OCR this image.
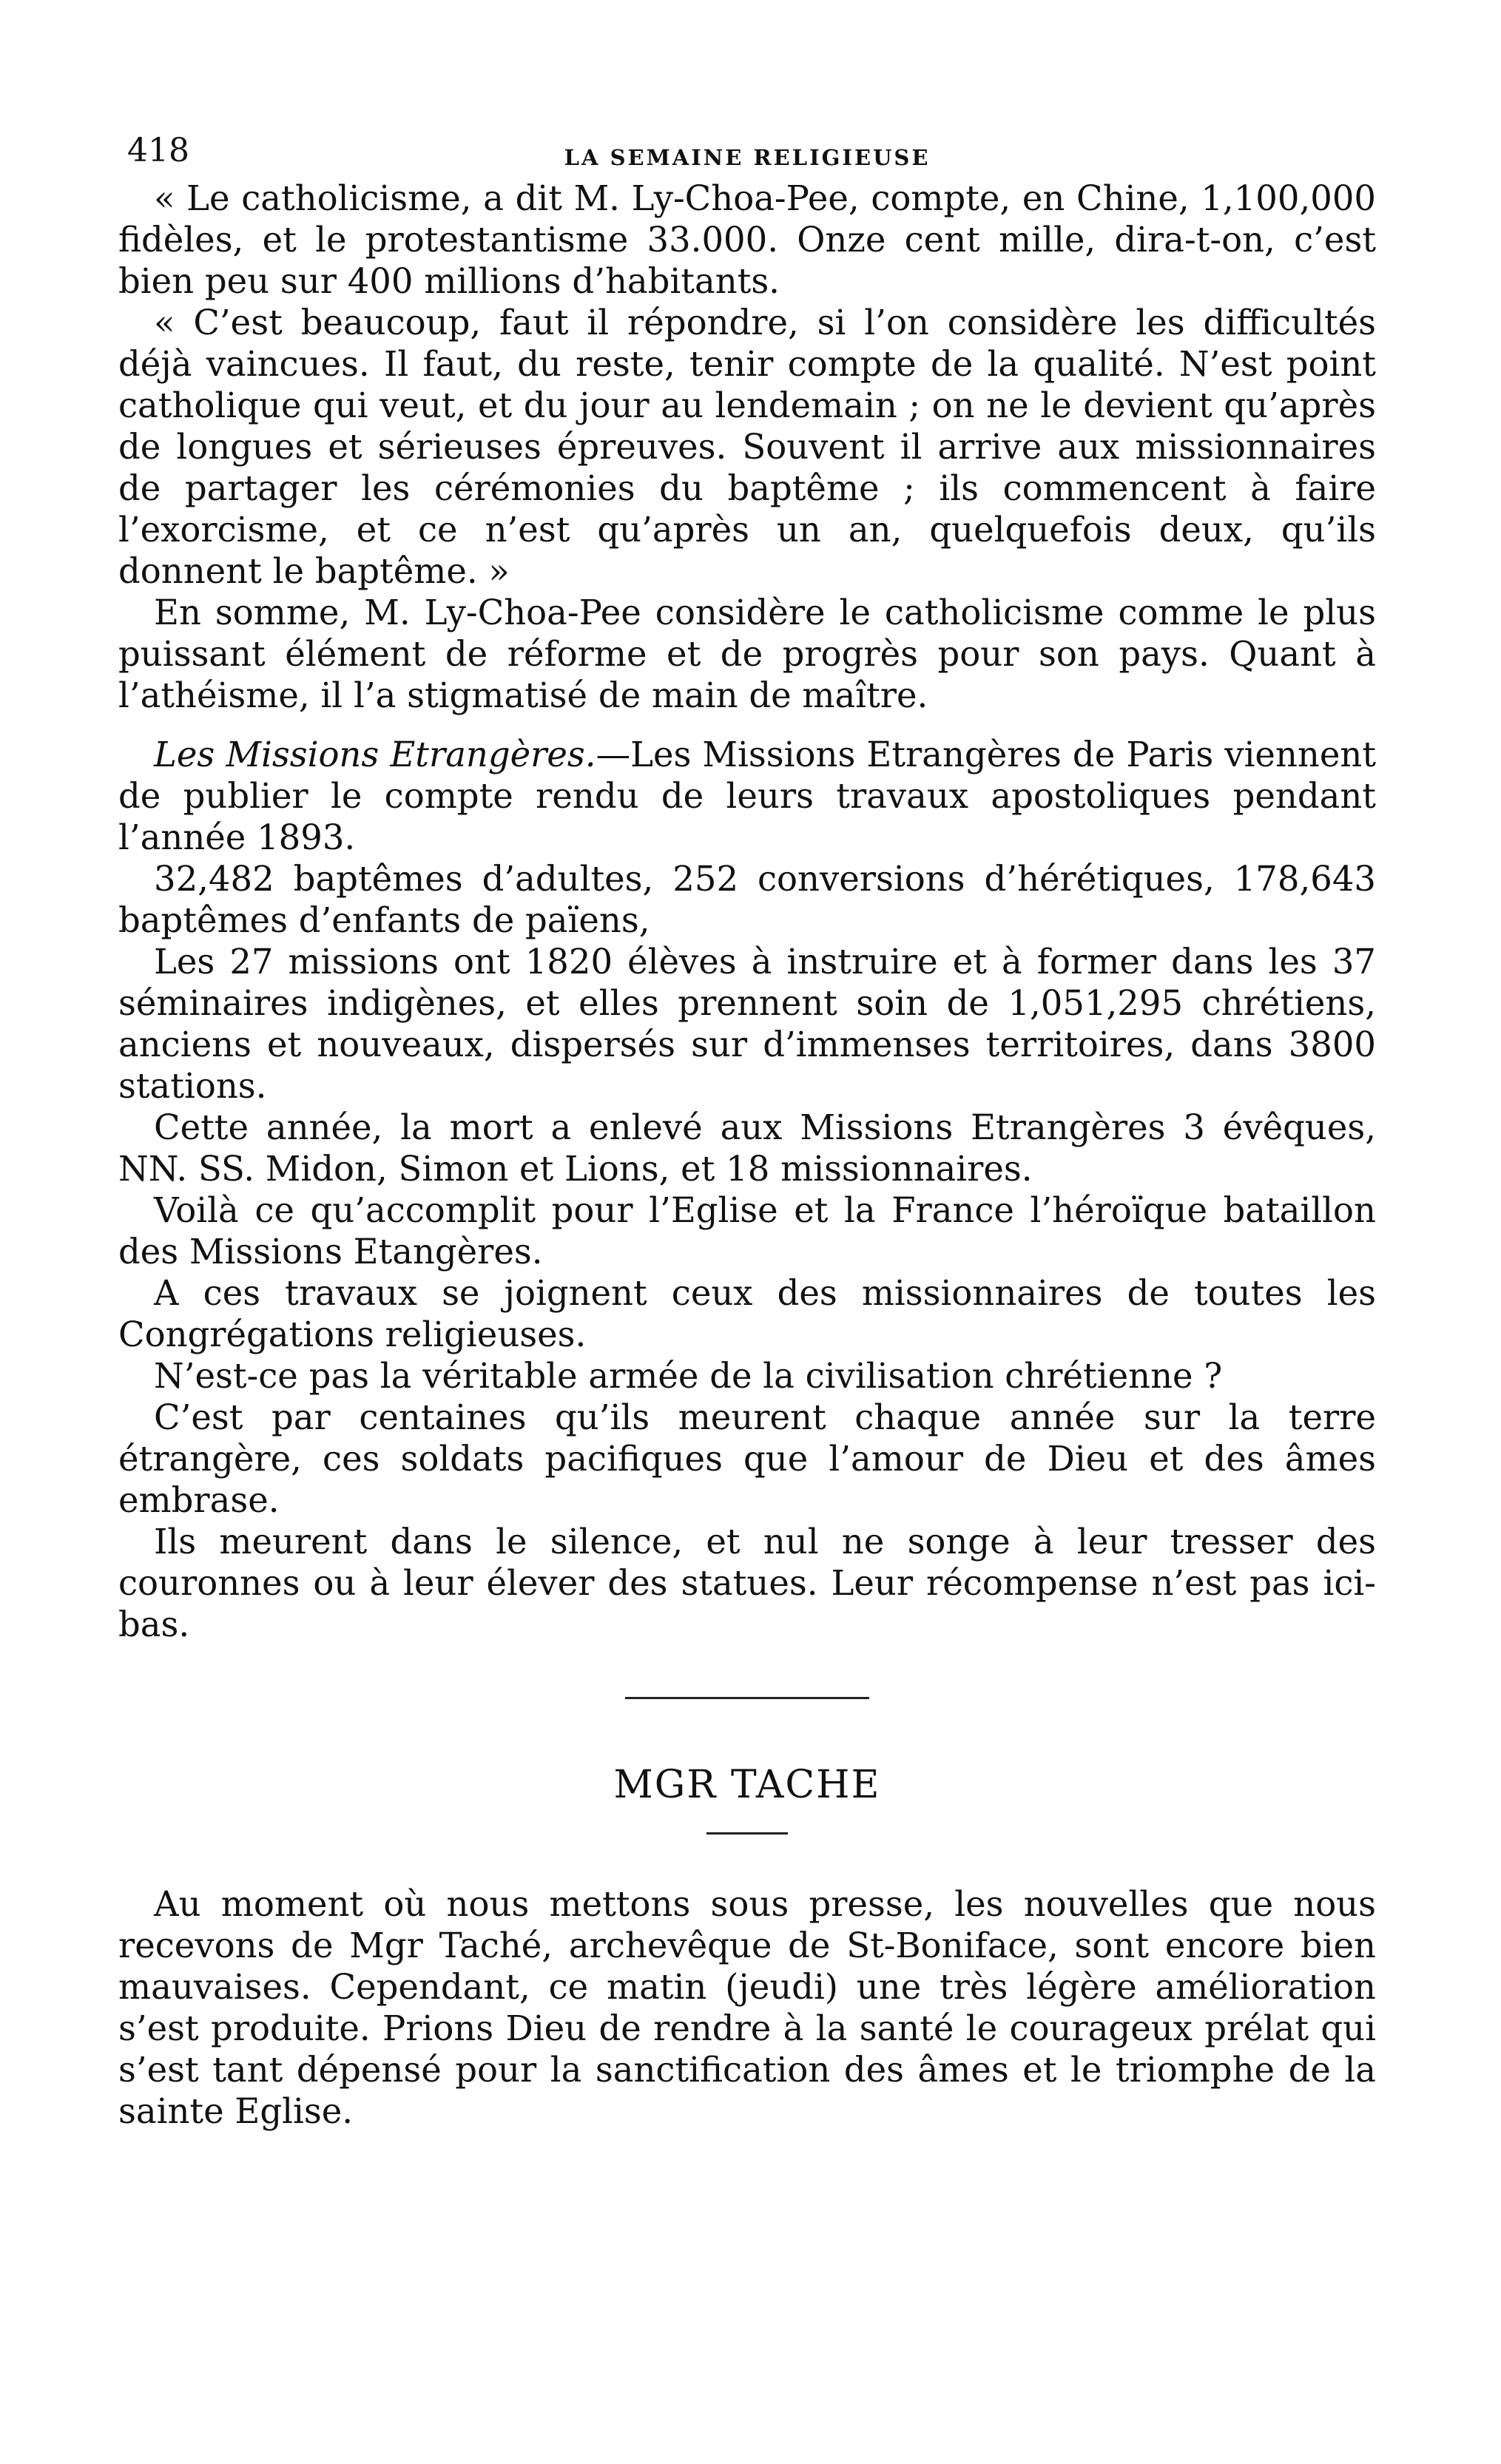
418	LA SEMAINE RELIGIEUSE

« Le catholicisme, a dit M. Ly-Choa-Pee, compte, en Chine, 1,100,000 fidèles, et le protestantisme 33.000. Onze cent mille, dira-t-on, c’est bien peu sur 400 millions d’habitants.

« C’est beaucoup, faut il répondre, si l’on considère les difficultés déjà vaincues. Il faut, du reste, tenir compte de la qualité. N’est point catholique qui veut, et du jour au lendemain ; on ne le devient qu’après de longues et sérieuses épreuves. Souvent il arrive aux missionnaires de partager les cérémonies du baptême ; ils commencent à faire l’exorcisme, et ce n’est qu’après un an, quelquefois deux, qu’ils donnent le baptême. »

En somme, M. Ly-Choa-Pee considère le catholicisme comme le plus puissant élément de réforme et de progrès pour son pays. Quant à l’athéisme, il l’a stigmatisé de main de maître.

Les Missions Etrangères.—Les Missions Etrangères de Paris viennent de publier le compte rendu de leurs travaux apostoliques pendant l’année 1893.

32,482 baptêmes d’adultes, 252 conversions d’hérétiques, 178,643 baptêmes d’enfants de païens,

Les 27 missions ont 1820 élèves à instruire et à former dans les 37 séminaires indigènes, et elles prennent soin de 1,051,295 chrétiens, anciens et nouveaux, dispersés sur d’immenses territoires, dans 3800 stations.

Cette année, la mort a enlevé aux Missions Etrangères 3 évêques, NN. SS. Midon, Simon et Lions, et 18 missionnaires.

Voilà ce qu’accomplit pour l’Eglise et la France l’héroïque bataillon des Missions Etangères.

A ces travaux se joignent ceux des missionnaires de toutes les Congrégations religieuses.

N’est-ce pas la véritable armée de la civilisation chrétienne ?

C’est par centaines qu’ils meurent chaque année sur la terre étrangère, ces soldats pacifiques que l’amour de Dieu et des âmes embrase.

Ils meurent dans le silence, et nul ne songe à leur tresser des couronnes ou à leur élever des statues. Leur récompense n’est pas ici-bas.

MGR TACHE

Au moment où nous mettons sous presse, les nouvelles que nous recevons de Mgr Taché, archevêque de St-Boniface, sont encore bien mauvaises. Cependant, ce matin (jeudi) une très légère amélioration s’est produite. Prions Dieu de rendre à la santé le courageux prélat qui s’est tant dépensé pour la sanctification des âmes et le triomphe de la sainte Eglise.
